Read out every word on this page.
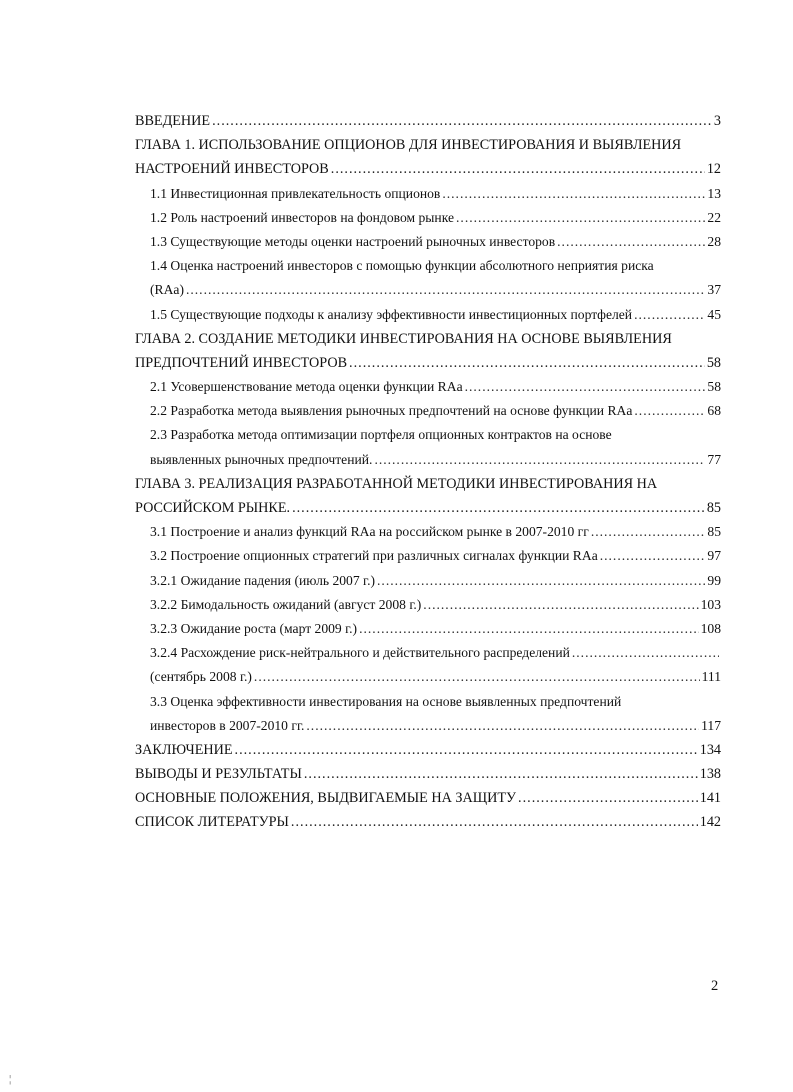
ВВЕДЕНИЕ .....	3
ГЛАВА 1. ИСПОЛЬЗОВАНИЕ ОПЦИОНОВ ДЛЯ ИНВЕСТИРОВАНИЯ И ВЫЯВЛЕНИЯ
НАСТРОЕНИЙ ИНВЕСТОРОВ .....	12
1.1 Инвестиционная привлекательность опционов .....	13
1.2 Роль настроений инвесторов на фондовом рынке .....	22
1.3 Существующие методы оценки настроений рыночных инвесторов .....	28
1.4 Оценка настроений инвесторов с помощью функции абсолютного неприятия риска
(RAa) .....	37
1.5 Существующие подходы к анализу эффективности инвестиционных портфелей .....	45
ГЛАВА 2. СОЗДАНИЕ МЕТОДИКИ ИНВЕСТИРОВАНИЯ НА ОСНОВЕ ВЫЯВЛЕНИЯ
ПРЕДПОЧТЕНИЙ ИНВЕСТОРОВ .....	58
2.1 Усовершенствование метода оценки функции RAa .....	58
2.2 Разработка метода выявления рыночных предпочтений на основе функции RAa .....	68
2.3 Разработка метода оптимизации портфеля опционных контрактов на основе
выявленных рыночных предпочтений. .....	77
ГЛАВА 3. РЕАЛИЗАЦИЯ РАЗРАБОТАННОЙ МЕТОДИКИ ИНВЕСТИРОВАНИЯ НА
РОССИЙСКОМ РЫНКЕ. .....	85
3.1 Построение и анализ функций RAa на российском рынке в 2007-2010 гг .....	85
3.2 Построение опционных стратегий при различных сигналах функции RAa .....	97
3.2.1 Ожидание падения (июль 2007 г.) .....	99
3.2.2 Бимодальность ожиданий (август 2008 г.) .....	103
3.2.3 Ожидание роста (март 2009 г.) .....	108
3.2.4 Расхождение риск-нейтрального и действительного распределений
.....
(сентябрь 2008 г.) .....	111
3.3 Оценка эффективности инвестирования на основе выявленных предпочтений
инвесторов в 2007-2010 гг. .....	117
ЗАКЛЮЧЕНИЕ .....	134
ВЫВОДЫ И РЕЗУЛЬТАТЫ .....	138
ОСНОВНЫЕ ПОЛОЖЕНИЯ, ВЫДВИГАЕМЫЕ НА ЗАЩИТУ .....	141
СПИСОК ЛИТЕРАТУРЫ .....	142
2
¦
